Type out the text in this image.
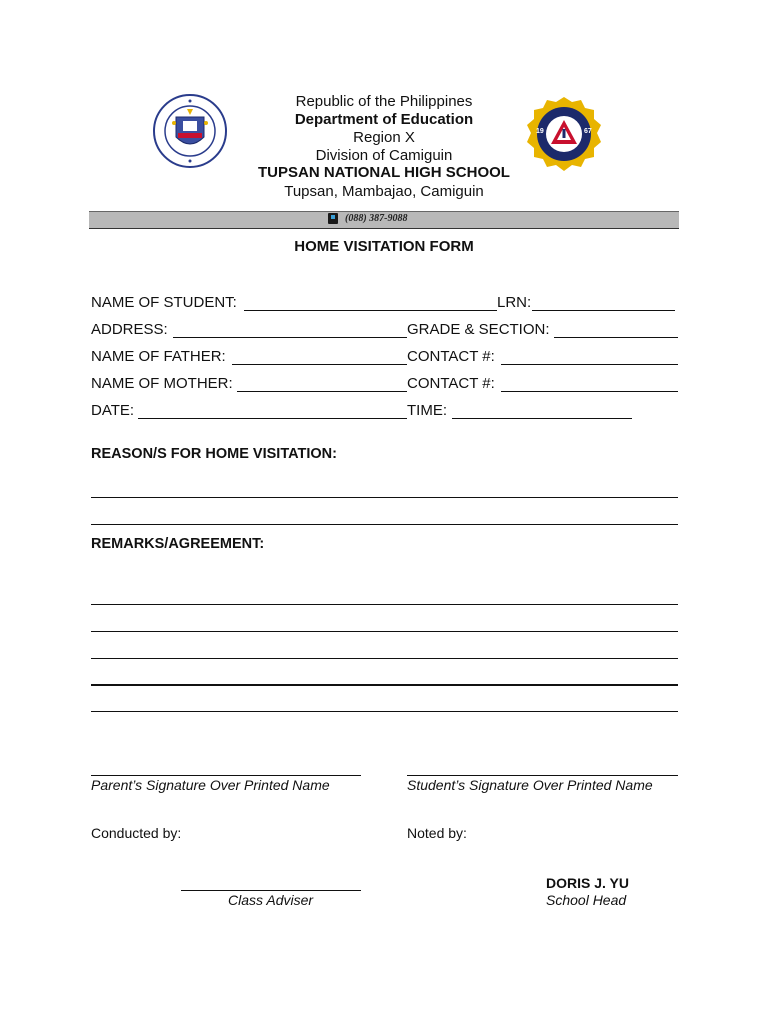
19	67
Republic of the Philippines
Department of Education
Region X
Division of Camiguin
TUPSAN NATIONAL HIGH SCHOOL
Tupsan, Mambajao, Camiguin
(088) 387-9088
HOME VISITATION FORM
NAME OF STUDENT:	LRN:
ADDRESS:	GRADE & SECTION:
NAME OF FATHER:	CONTACT #:
NAME OF MOTHER:	CONTACT #:
DATE:	TIME:
REASON/S FOR HOME VISITATION:
REMARKS/AGREEMENT:
Parent’s Signature Over Printed Name	Student’s Signature Over Printed Name
Conducted by:	Noted by:
Class Adviser
DORIS J. YU
School Head
